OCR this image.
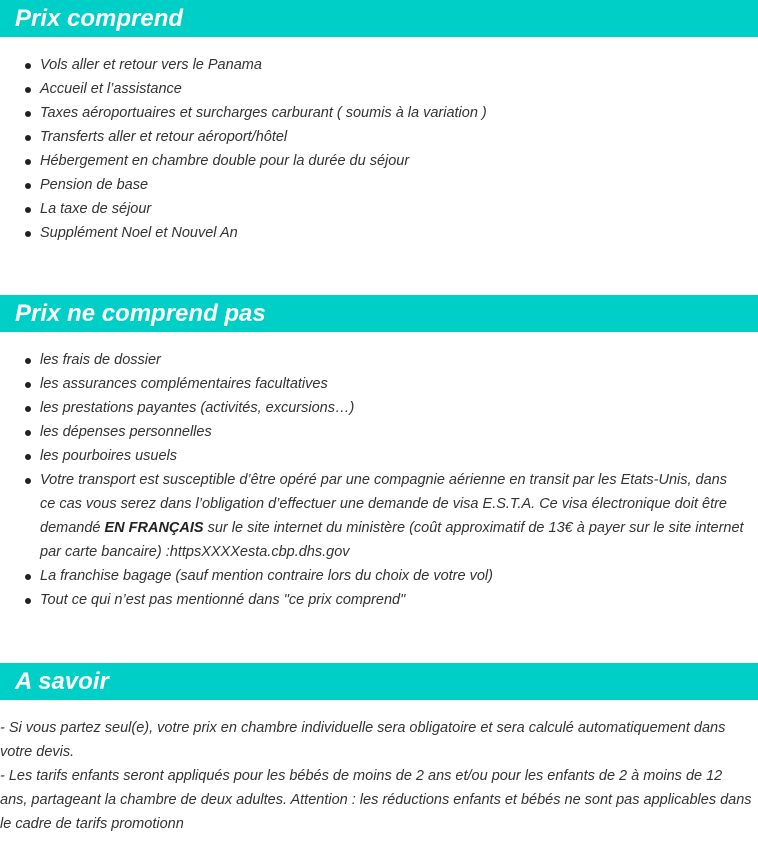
Prix comprend
Vols aller et retour vers le Panama
Accueil et l’assistance
Taxes aéroportuaires et surcharges carburant ( soumis à la variation )
Transferts aller et retour aéroport/hôtel
Hébergement en chambre double pour la durée du séjour
Pension de base
La taxe de séjour
Supplément Noel et Nouvel An
Prix ne comprend pas
les frais de dossier
les assurances complémentaires facultatives
les prestations payantes (activités, excursions…)
les dépenses personnelles
les pourboires usuels
Votre transport est susceptible d’être opéré par une compagnie aérienne en transit par les Etats-Unis, dans ce cas vous serez dans l’obligation d’effectuer une demande de visa E.S.T.A. Ce visa électronique doit être demandé EN FRANÇAIS sur le site internet du ministère (coût approximatif de 13€ à payer sur le site internet par carte bancaire) :httpsXXXXesta.cbp.dhs.gov
La franchise bagage (sauf mention contraire lors du choix de votre vol)
Tout ce qui n’est pas mentionné dans "ce prix comprend"
A savoir
- Si vous partez seul(e), votre prix en chambre individuelle sera obligatoire et sera calculé automatiquement dans votre devis.
- Les tarifs enfants seront appliqués pour les bébés de moins de 2 ans et/ou pour les enfants de 2 à moins de 12 ans, partageant la chambre de deux adultes. Attention : les réductions enfants et bébés ne sont pas applicables dans le cadre de tarifs promotionn
